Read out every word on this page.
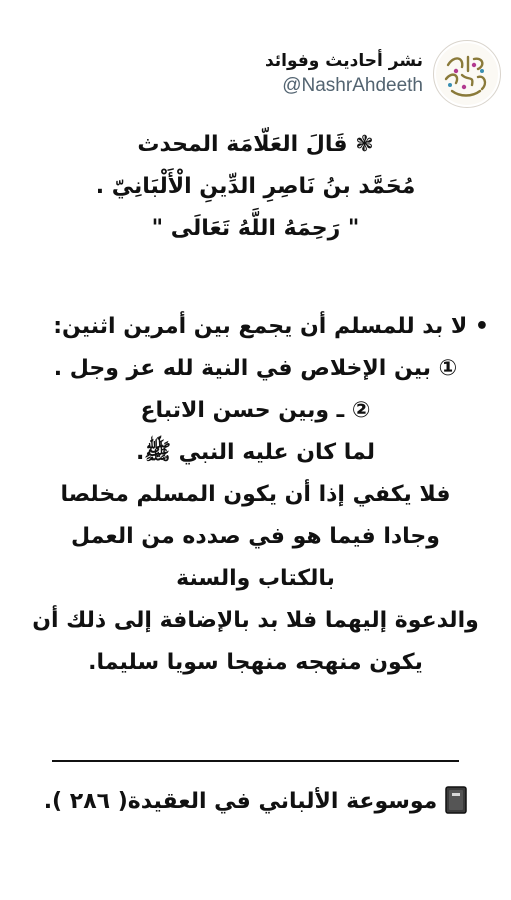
نشر أحاديث وفوائد
@NashrAhdeeth
❃ قَالَ العَلّامَة المحدث
مُحَمَّد بنُ نَاصِرِ الدِّينِ الْأَلْبَانِيّ .
" رَحِمَهُ اللَّهُ تَعَالَى "
• لا بد للمسلم أن يجمع بين أمرين اثنين:
① بين الإخلاص في النية لله عز وجل .
② ـ وبين حسن الاتباع
لما كان عليه النبي ﷺ.
فلا يكفي إذا أن يكون المسلم مخلصا
وجادا فيما هو في صدده من العمل
بالكتاب والسنة
والدعوة إليهما فلا بد بالإضافة إلى ذلك أن
يكون منهجه منهجا سويا سليما.
موسوعة الألباني في العقيدة( ٢٨٦ ).
